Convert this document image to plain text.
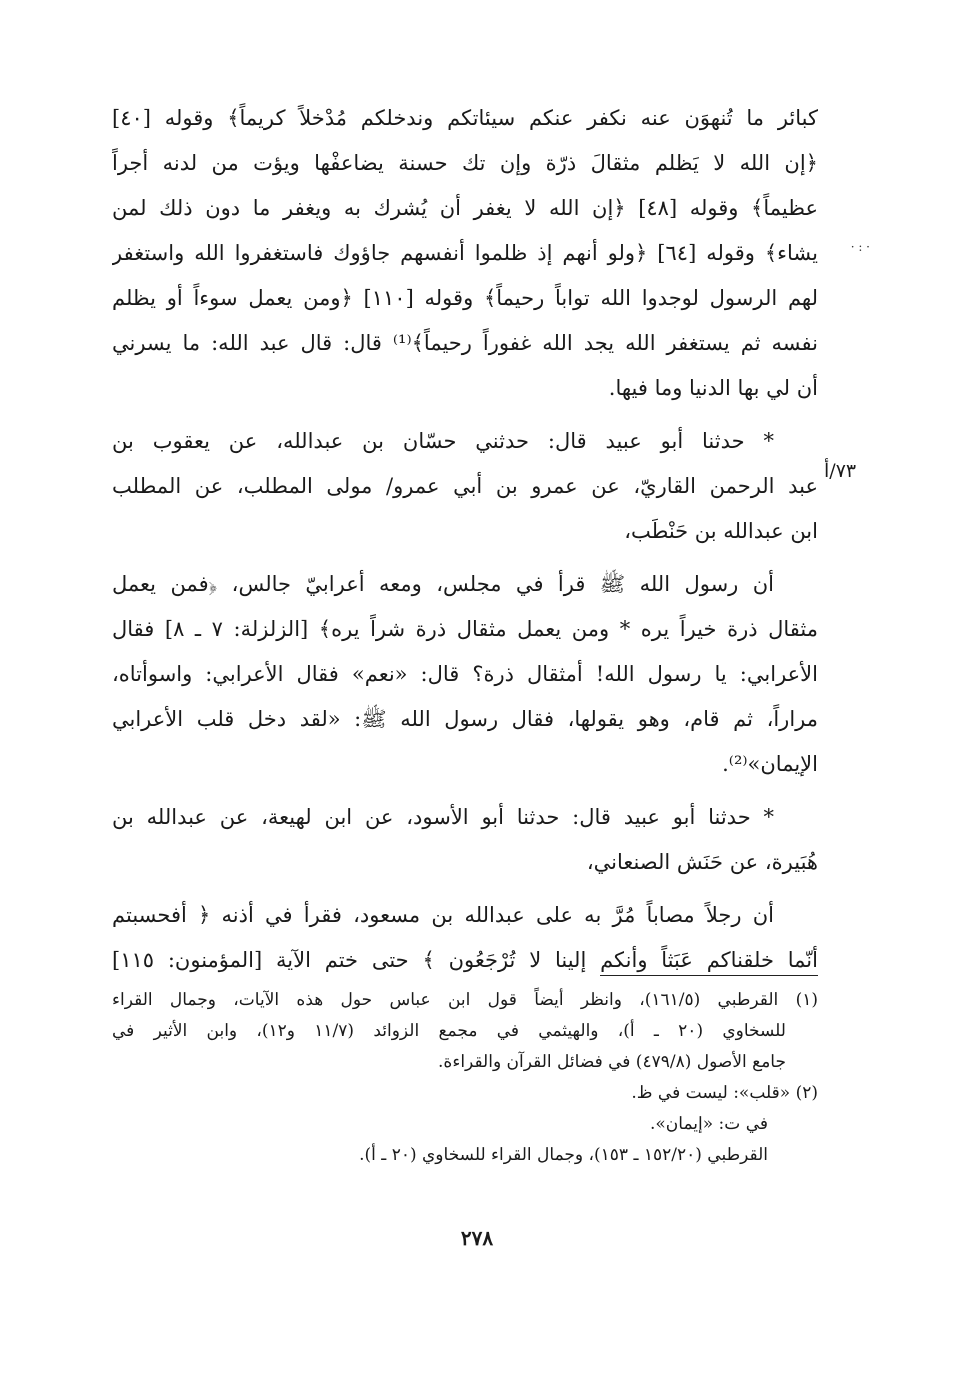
كبائر ما تُنهوَن عنه نكفر عنكم سيئاتكم وندخلكم مُدْخلاً كريماً﴾ وقوله [٤٠]
﴿إن الله لا يَظلم مثقالَ ذرّة وإن تك حسنة يضاعفْها ويؤت من لدنه أجراً
عظيماً﴾ وقوله [٤٨] ﴿إن الله لا يغفر أن يُشرك به ويغفر ما دون ذلك لمن
يشاء﴾ وقوله [٦٤] ﴿ولو أنهم إذ ظلموا أنفسهم جاؤوك فاستغفروا الله واستغفر
لهم الرسول لوجدوا الله تواباً رحيماً﴾ وقوله [١١٠] ﴿ومن يعمل سوءاً أو يظلم
نفسه ثم يستغفر الله يجد الله غفوراً رحيماً﴾⁽¹⁾ قال: قال عبد الله: ما يسرني
أن لي بها الدنيا وما فيها.
* حدثنا أبو عبيد قال: حدثني حسّان بن عبدالله، عن يعقوب بن
عبد الرحمن القاريّ، عن عمرو بن أبي عمرو/ مولى المطلب، عن المطلب
ابن عبدالله بن حَنْطَب،
أن رسول الله ﷺ قرأ في مجلس، ومعه أعرابيّ جالس، ﴿فمن يعمل
مثقال ذرة خيراً يره * ومن يعمل مثقال ذرة شراً يره﴾ [الزلزلة: ٧ ـ ٨] فقال
الأعرابي: يا رسول الله! أمثقال ذرة؟ قال: «نعم» فقال الأعرابي: واسوأتاه،
مراراً، ثم قام، وهو يقولها، فقال رسول الله ﷺ: «لقد دخل قلب الأعرابي
الإيمان»⁽²⁾.
* حدثنا أبو عبيد قال: حدثنا أبو الأسود، عن ابن لهيعة، عن عبدالله بن
هُبَيرة، عن حَنَش الصنعاني،
أن رجلاً مصاباً مُرَّ به على عبدالله بن مسعود، فقرأ في أذنه ﴿ أفحسبتم
أنّما خلقناكم عَبَثاً وأنكم إلينا لا تُرْجَعُون ﴾ حتى ختم الآية [المؤمنون: ١١٥]
٧٣/أ
· : ·
(١) القرطبي (١٦١/٥)، وانظر أيضاً قول ابن عباس حول هذه الآيات، وجمال القراء
للسخاوي (٢٠ ـ أ)، والهيثمي في مجمع الزوائد (١١/٧ و١٢)، وابن الأثير في
جامع الأصول (٤٧٩/٨) في فضائل القرآن والقراءة.
(٢) «قلب»: ليست في ظ.
في ت: «إيمان».
القرطبي (١٥٢/٢٠ ـ ١٥٣)، وجمال القراء للسخاوي (٢٠ ـ أ).
٢٧٨
